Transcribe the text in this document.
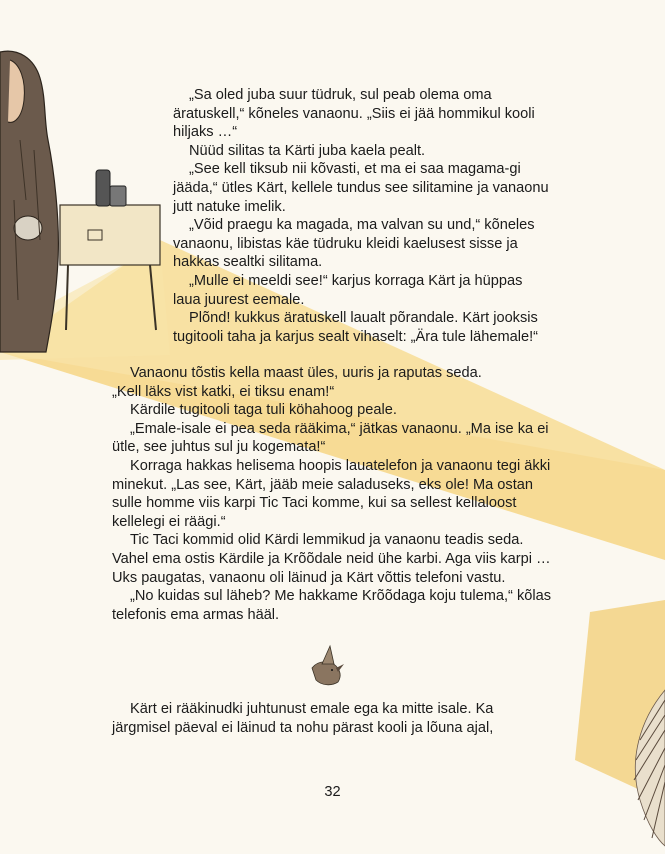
„Sa oled juba suur tüdruk, sul peab olema oma äratuskell,“ kõneles vanaonu. „Siis ei jää hommikul kooli hiljaks …“

Nüüd silitas ta Kärti juba kaela pealt.

„See kell tiksub nii kõvasti, et ma ei saa magama-gi jääda,“ ütles Kärt, kellele tundus see silitamine ja vanaonu jutt natuke imelik.

„Võid praegu ka magada, ma valvan su und,“ kõneles vanaonu, libistas käe tüdruku kleidi kaelusest sisse ja hakkas sealtki silitama.

„Mulle ei meeldi see!“ karjus korraga Kärt ja hüppas laua juurest eemale.

Plõnd! kukkus äratuskell laualt põrandale. Kärt jooksis tugitooli taha ja karjus sealt vihaselt: „Ära tule lähemale!“

Vanaonu tõstis kella maast üles, uuris ja raputas seda.

„Kell läks vist katki, ei tiksu enam!“

Kärdile tugitooli taga tuli köhahoog peale.

„Emale-isale ei pea seda rääkima,“ jätkas vanaonu. „Ma ise ka ei ütle, see juhtus sul ju kogemata!“

Korraga hakkas helisema hoopis lauatelefon ja vanaonu tegi äkki minekut. „Las see, Kärt, jääb meie saladuseks, eks ole! Ma ostan sulle homme viis karpi Tic Taci komme, kui sa sellest kellaloost kellelegi ei räägi.“

Tic Taci kommid olid Kärdi lemmikud ja vanaonu teadis seda. Vahel ema ostis Kärdile ja Krõõdale neid ühe karbi. Aga viis karpi … Uks paugatas, vanaonu oli läinud ja Kärt võttis telefoni vastu.

„No kuidas sul läheb? Me hakkame Krõõdaga koju tulema,“ kõlas telefonis ema armas hääl.

Kärt ei rääkinudki juhtunust emale ega ka mitte isale. Ka järgmisel päeval ei läinud ta nohu pärast kooli ja lõuna ajal,

32
